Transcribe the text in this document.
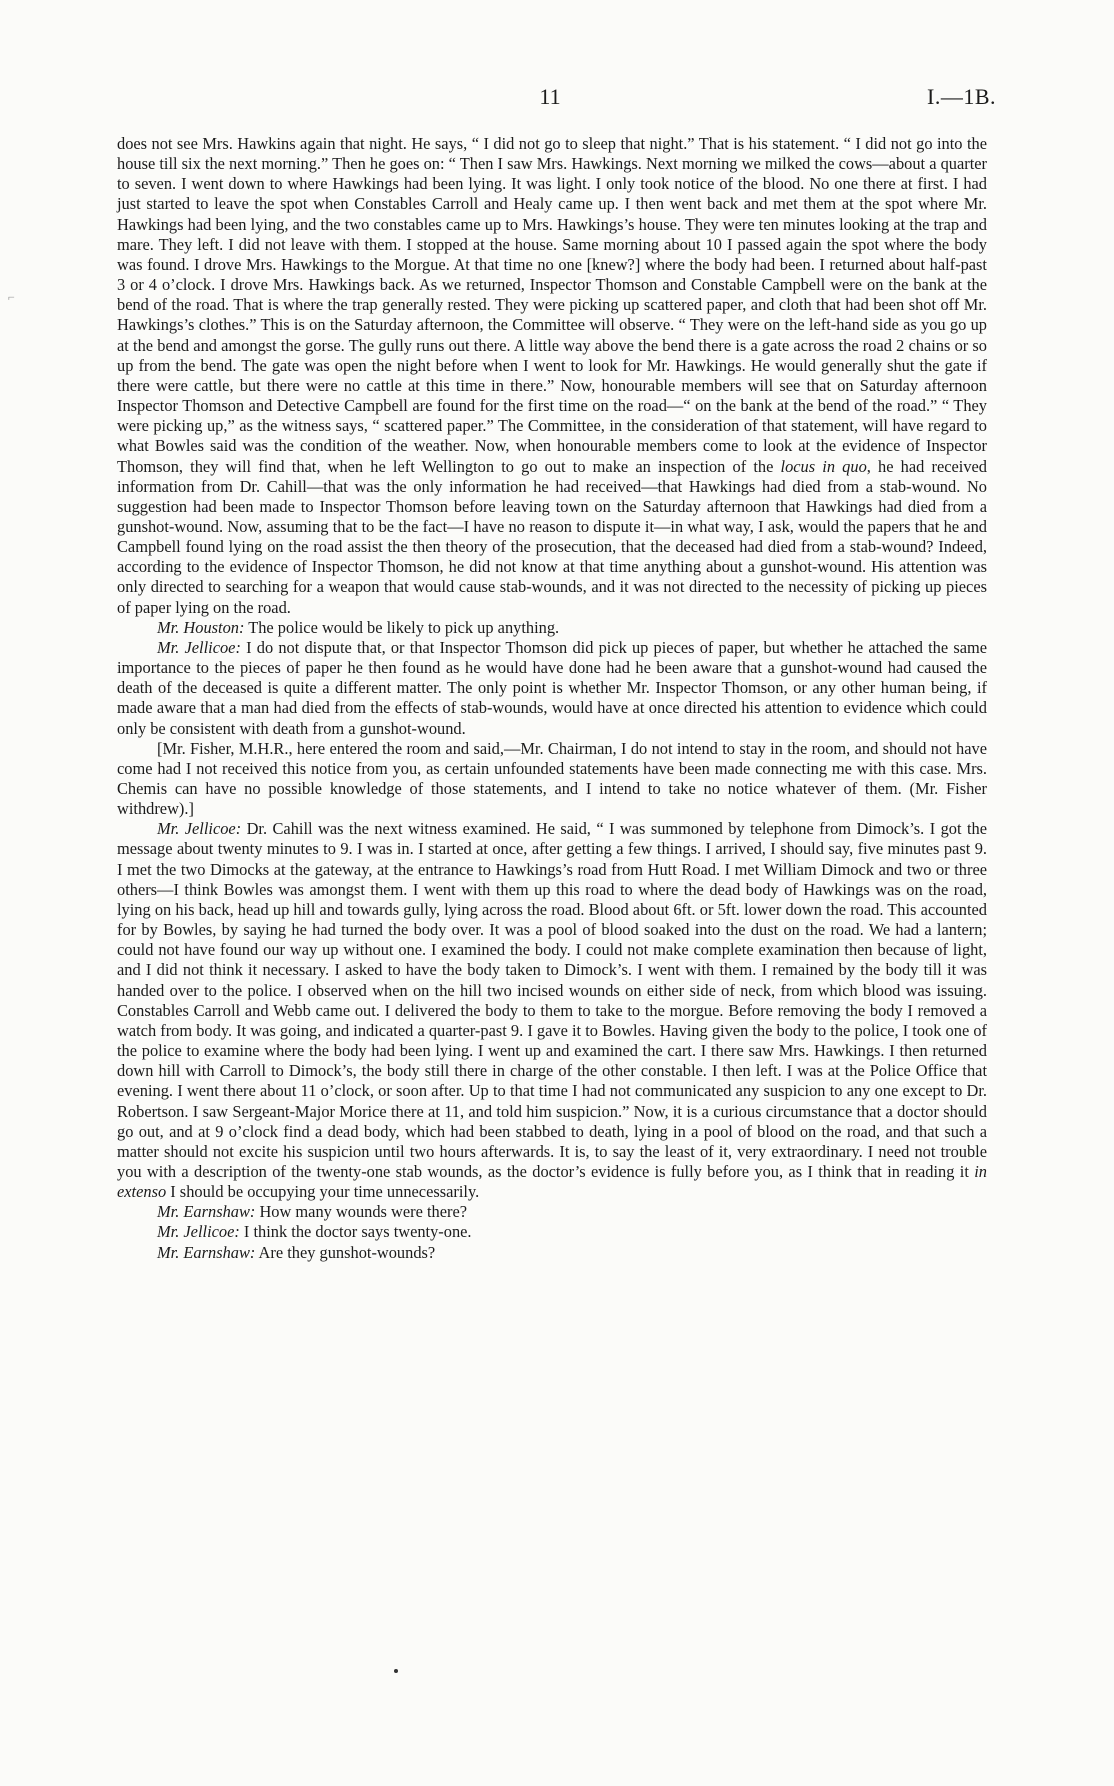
11	I.—1B.
⌐

does not see Mrs. Hawkins again that night. He says, “ I did not go to sleep that night.” That is his statement. “ I did not go into the house till six the next morning.” Then he goes on: “ Then I saw Mrs. Hawkings. Next morning we milked the cows—about a quarter to seven. I went down to where Hawkings had been lying. It was light. I only took notice of the blood. No one there at first. I had just started to leave the spot when Constables Carroll and Healy came up. I then went back and met them at the spot where Mr. Hawkings had been lying, and the two constables came up to Mrs. Hawkings’s house. They were ten minutes looking at the trap and mare. They left. I did not leave with them. I stopped at the house. Same morning about 10 I passed again the spot where the body was found. I drove Mrs. Hawkings to the Morgue. At that time no one [knew?] where the body had been. I returned about half-past 3 or 4 o’clock. I drove Mrs. Hawkings back. As we returned, Inspector Thomson and Constable Campbell were on the bank at the bend of the road. That is where the trap generally rested. They were picking up scattered paper, and cloth that had been shot off Mr. Hawkings’s clothes.” This is on the Saturday afternoon, the Committee will observe. “ They were on the left-hand side as you go up at the bend and amongst the gorse. The gully runs out there. A little way above the bend there is a gate across the road 2 chains or so up from the bend. The gate was open the night before when I went to look for Mr. Hawkings. He would generally shut the gate if there were cattle, but there were no cattle at this time in there.” Now, honourable members will see that on Saturday afternoon Inspector Thomson and Detective Campbell are found for the first time on the road—“ on the bank at the bend of the road.” “ They were picking up,” as the witness says, “ scattered paper.” The Committee, in the consideration of that statement, will have regard to what Bowles said was the condition of the weather. Now, when honourable members come to look at the evidence of Inspector Thomson, they will find that, when he left Wellington to go out to make an inspection of the locus in quo, he had received information from Dr. Cahill—that was the only information he had received—that Hawkings had died from a stab-wound. No suggestion had been made to Inspector Thomson before leaving town on the Saturday afternoon that Hawkings had died from a gunshot-wound. Now, assuming that to be the fact—I have no reason to dispute it—in what way, I ask, would the papers that he and Campbell found lying on the road assist the then theory of the prosecution, that the deceased had died from a stab-wound? Indeed, according to the evidence of Inspector Thomson, he did not know at that time anything about a gunshot-wound. His attention was only directed to searching for a weapon that would cause stab-wounds, and it was not directed to the necessity of picking up pieces of paper lying on the road.

Mr. Houston: The police would be likely to pick up anything.

Mr. Jellicoe: I do not dispute that, or that Inspector Thomson did pick up pieces of paper, but whether he attached the same importance to the pieces of paper he then found as he would have done had he been aware that a gunshot-wound had caused the death of the deceased is quite a different matter. The only point is whether Mr. Inspector Thomson, or any other human being, if made aware that a man had died from the effects of stab-wounds, would have at once directed his attention to evidence which could only be consistent with death from a gunshot-wound.

[Mr. Fisher, M.H.R., here entered the room and said,—Mr. Chairman, I do not intend to stay in the room, and should not have come had I not received this notice from you, as certain unfounded statements have been made connecting me with this case. Mrs. Chemis can have no possible knowledge of those statements, and I intend to take no notice whatever of them. (Mr. Fisher withdrew).]

Mr. Jellicoe: Dr. Cahill was the next witness examined. He said, “ I was summoned by telephone from Dimock’s. I got the message about twenty minutes to 9. I was in. I started at once, after getting a few things. I arrived, I should say, five minutes past 9. I met the two Dimocks at the gateway, at the entrance to Hawkings’s road from Hutt Road. I met William Dimock and two or three others—I think Bowles was amongst them. I went with them up this road to where the dead body of Hawkings was on the road, lying on his back, head up hill and towards gully, lying across the road. Blood about 6ft. or 5ft. lower down the road. This accounted for by Bowles, by saying he had turned the body over. It was a pool of blood soaked into the dust on the road. We had a lantern; could not have found our way up without one. I examined the body. I could not make complete examination then because of light, and I did not think it necessary. I asked to have the body taken to Dimock’s. I went with them. I remained by the body till it was handed over to the police. I observed when on the hill two incised wounds on either side of neck, from which blood was issuing. Constables Carroll and Webb came out. I delivered the body to them to take to the morgue. Before removing the body I removed a watch from body. It was going, and indicated a quarter-past 9. I gave it to Bowles. Having given the body to the police, I took one of the police to examine where the body had been lying. I went up and examined the cart. I there saw Mrs. Hawkings. I then returned down hill with Carroll to Dimock’s, the body still there in charge of the other constable. I then left. I was at the Police Office that evening. I went there about 11 o’clock, or soon after. Up to that time I had not communicated any suspicion to any one except to Dr. Robertson. I saw Sergeant-Major Morice there at 11, and told him suspicion.” Now, it is a curious circumstance that a doctor should go out, and at 9 o’clock find a dead body, which had been stabbed to death, lying in a pool of blood on the road, and that such a matter should not excite his suspicion until two hours afterwards. It is, to say the least of it, very extraordinary. I need not trouble you with a description of the twenty-one stab wounds, as the doctor’s evidence is fully before you, as I think that in reading it in extenso I should be occupying your time unnecessarily.

Mr. Earnshaw: How many wounds were there?

Mr. Jellicoe: I think the doctor says twenty-one.

Mr. Earnshaw: Are they gunshot-wounds?
